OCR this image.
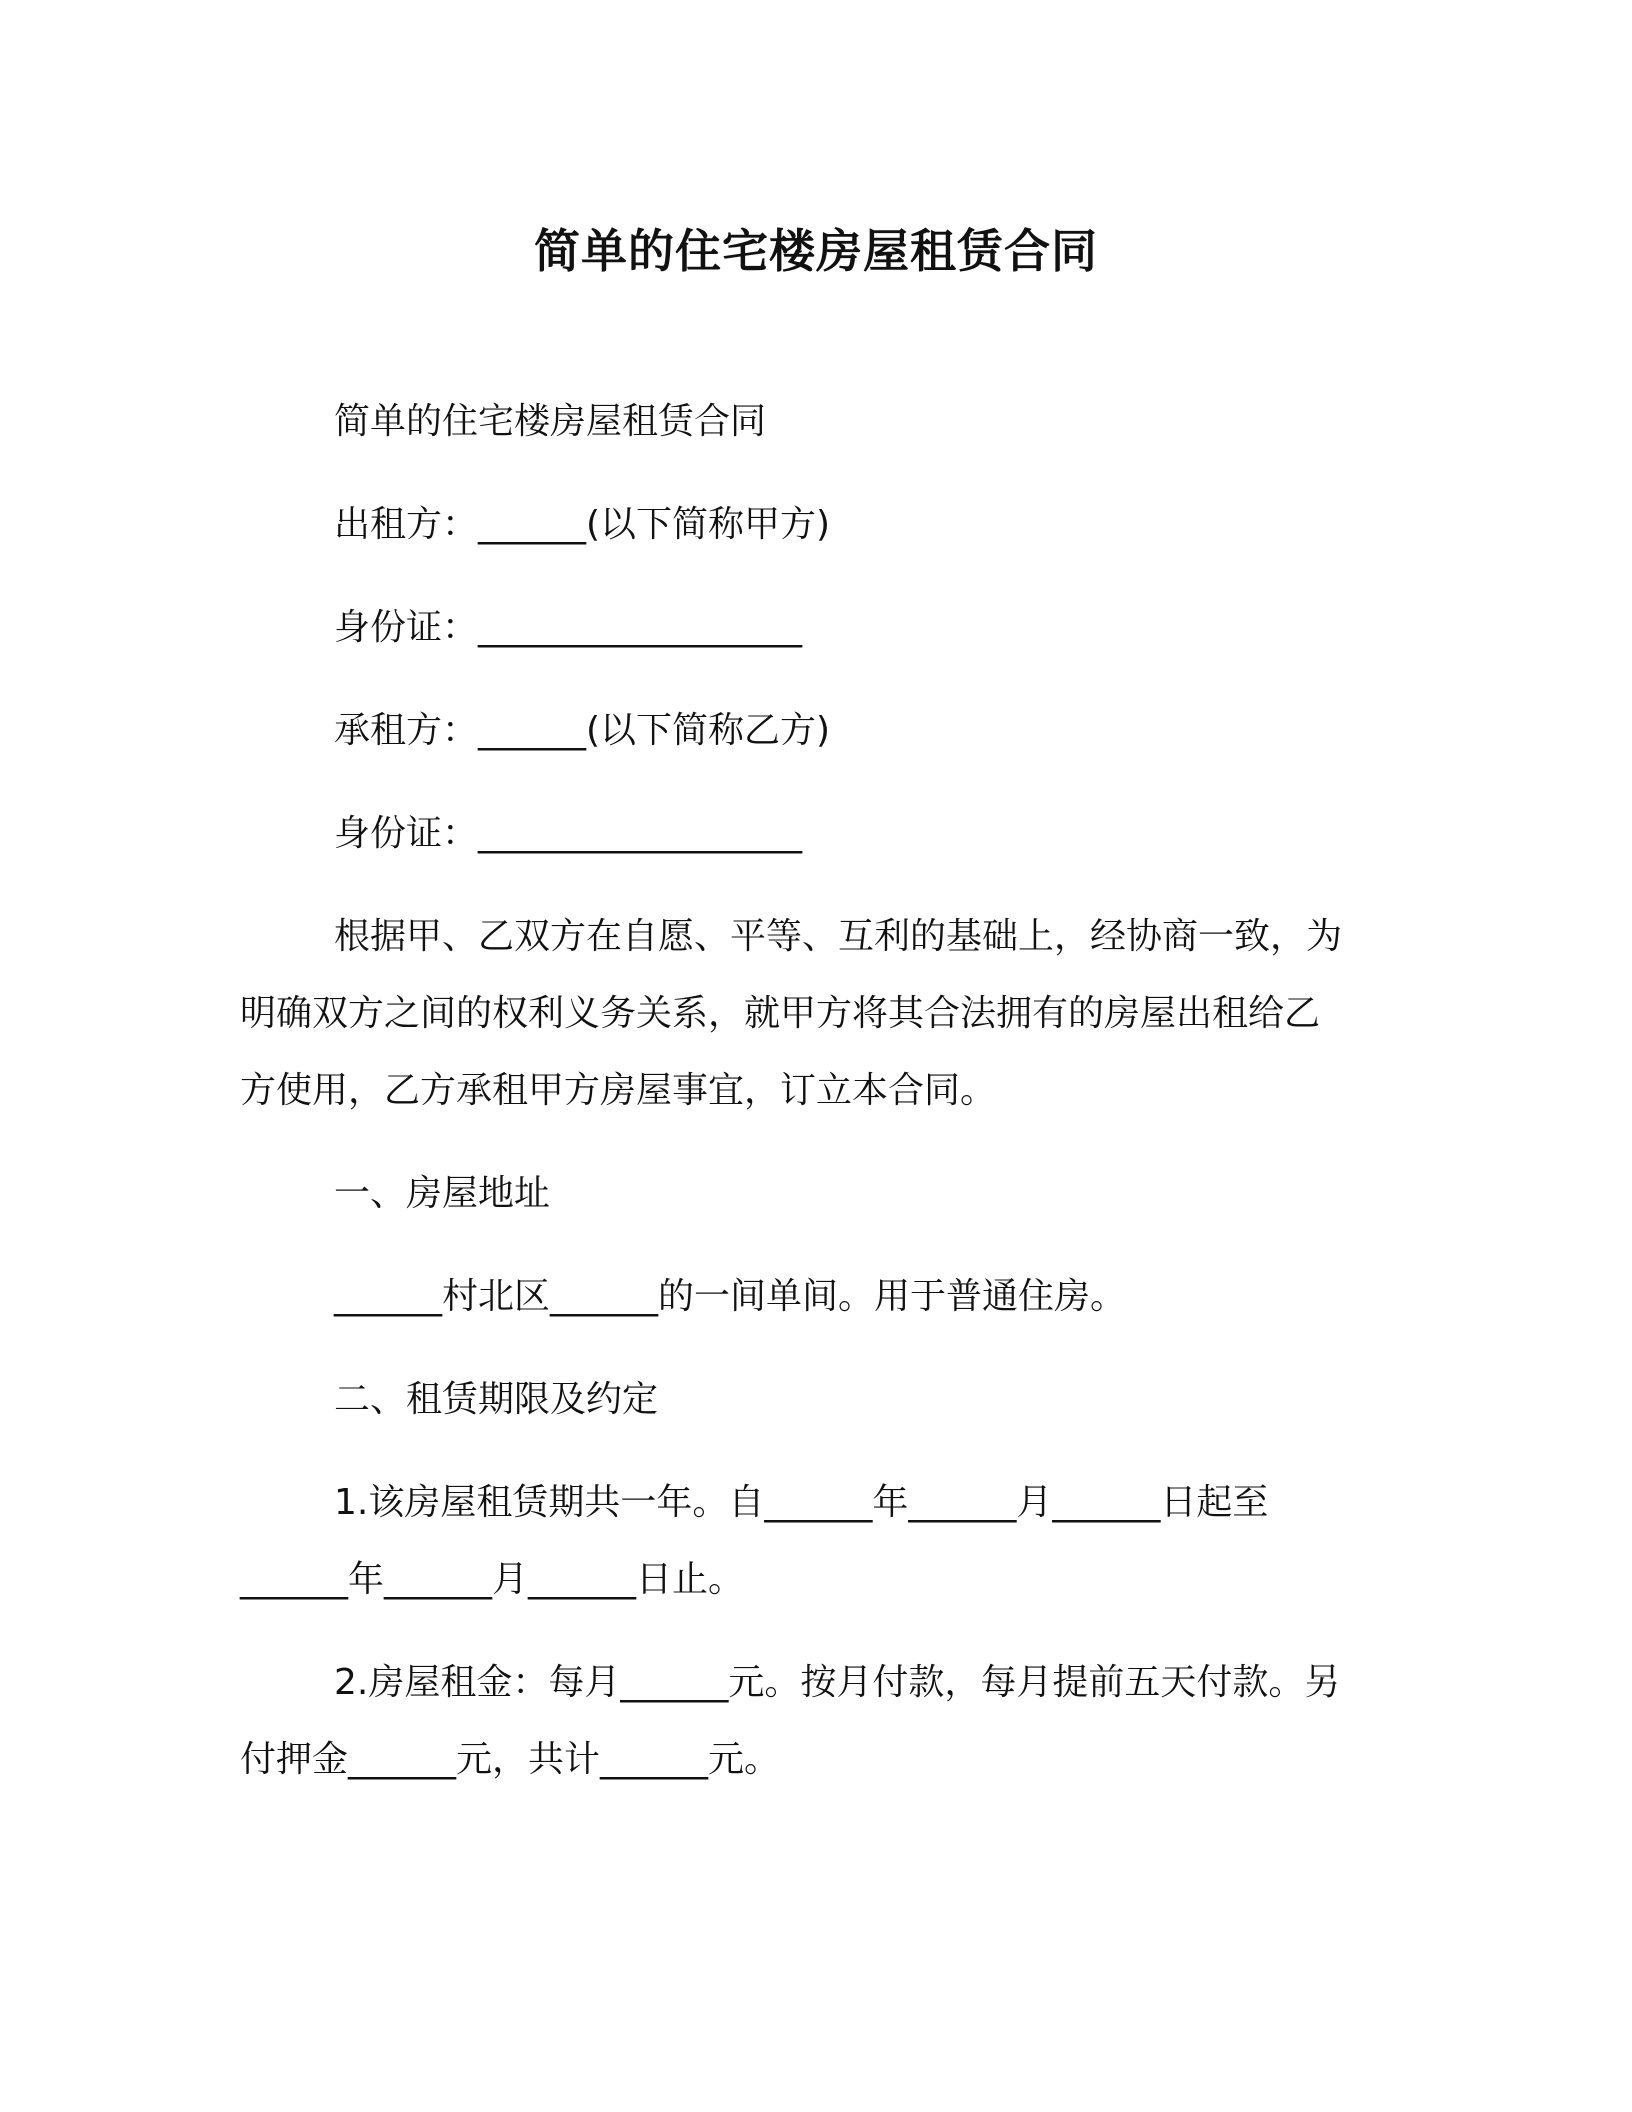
简单的住宅楼房屋租赁合同
简单的住宅楼房屋租赁合同
出租方：______(以下简称甲方)
身份证：__________________
承租方：______(以下简称乙方)
身份证：__________________
根据甲、乙双方在自愿、平等、互利的基础上，经协商一致，为
明确双方之间的权利义务关系，就甲方将其合法拥有的房屋出租给乙
方使用，乙方承租甲方房屋事宜，订立本合同。
一、房屋地址
______村北区______的一间单间。用于普通住房。
二、租赁期限及约定
1.该房屋租赁期共一年。自______年______月______日起至
______年______月______日止。
2.房屋租金：每月______元。按月付款，每月提前五天付款。另
付押金______元，共计______元。
